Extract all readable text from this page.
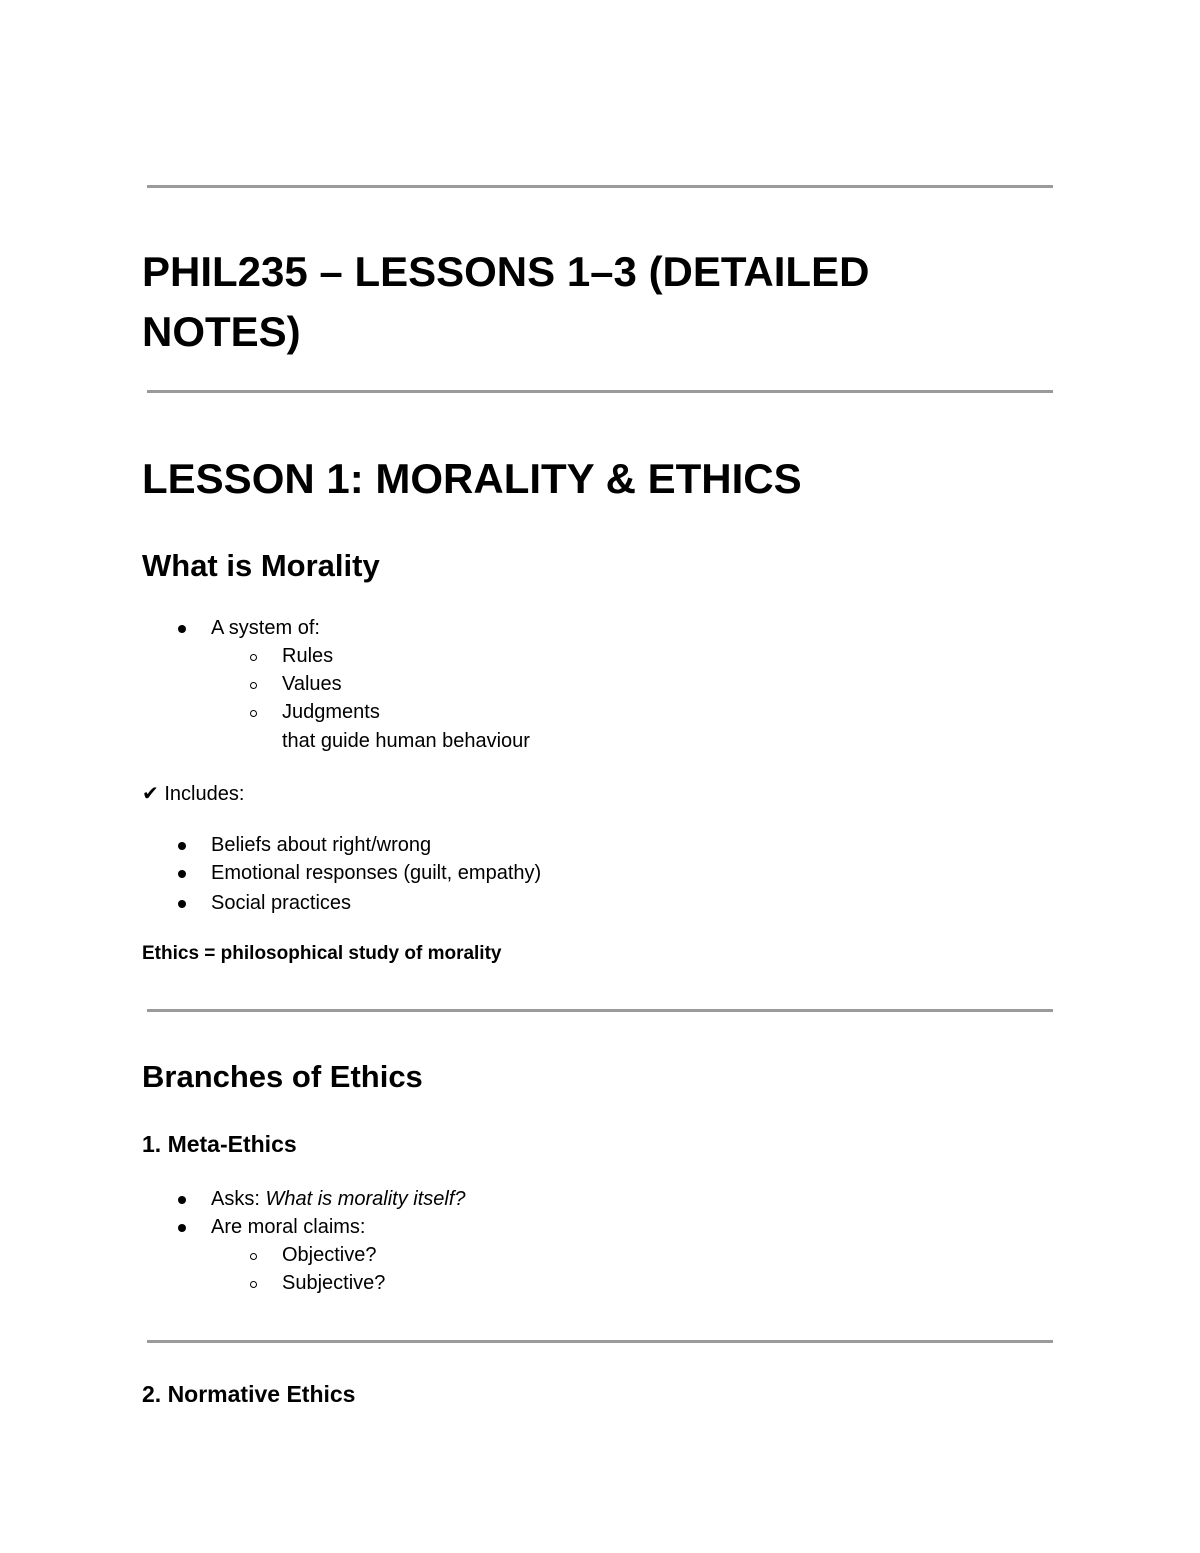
PHIL235 – LESSONS 1–3 (DETAILED
NOTES)
LESSON 1: MORALITY & ETHICS
What is Morality
A system of:
Rules
Values
Judgments
that guide human behaviour
✔ Includes:
Beliefs about right/wrong
Emotional responses (guilt, empathy)
Social practices
Ethics = philosophical study of morality
Branches of Ethics
1. Meta-Ethics
Asks: What is morality itself?
Are moral claims:
Objective?
Subjective?
2. Normative Ethics
